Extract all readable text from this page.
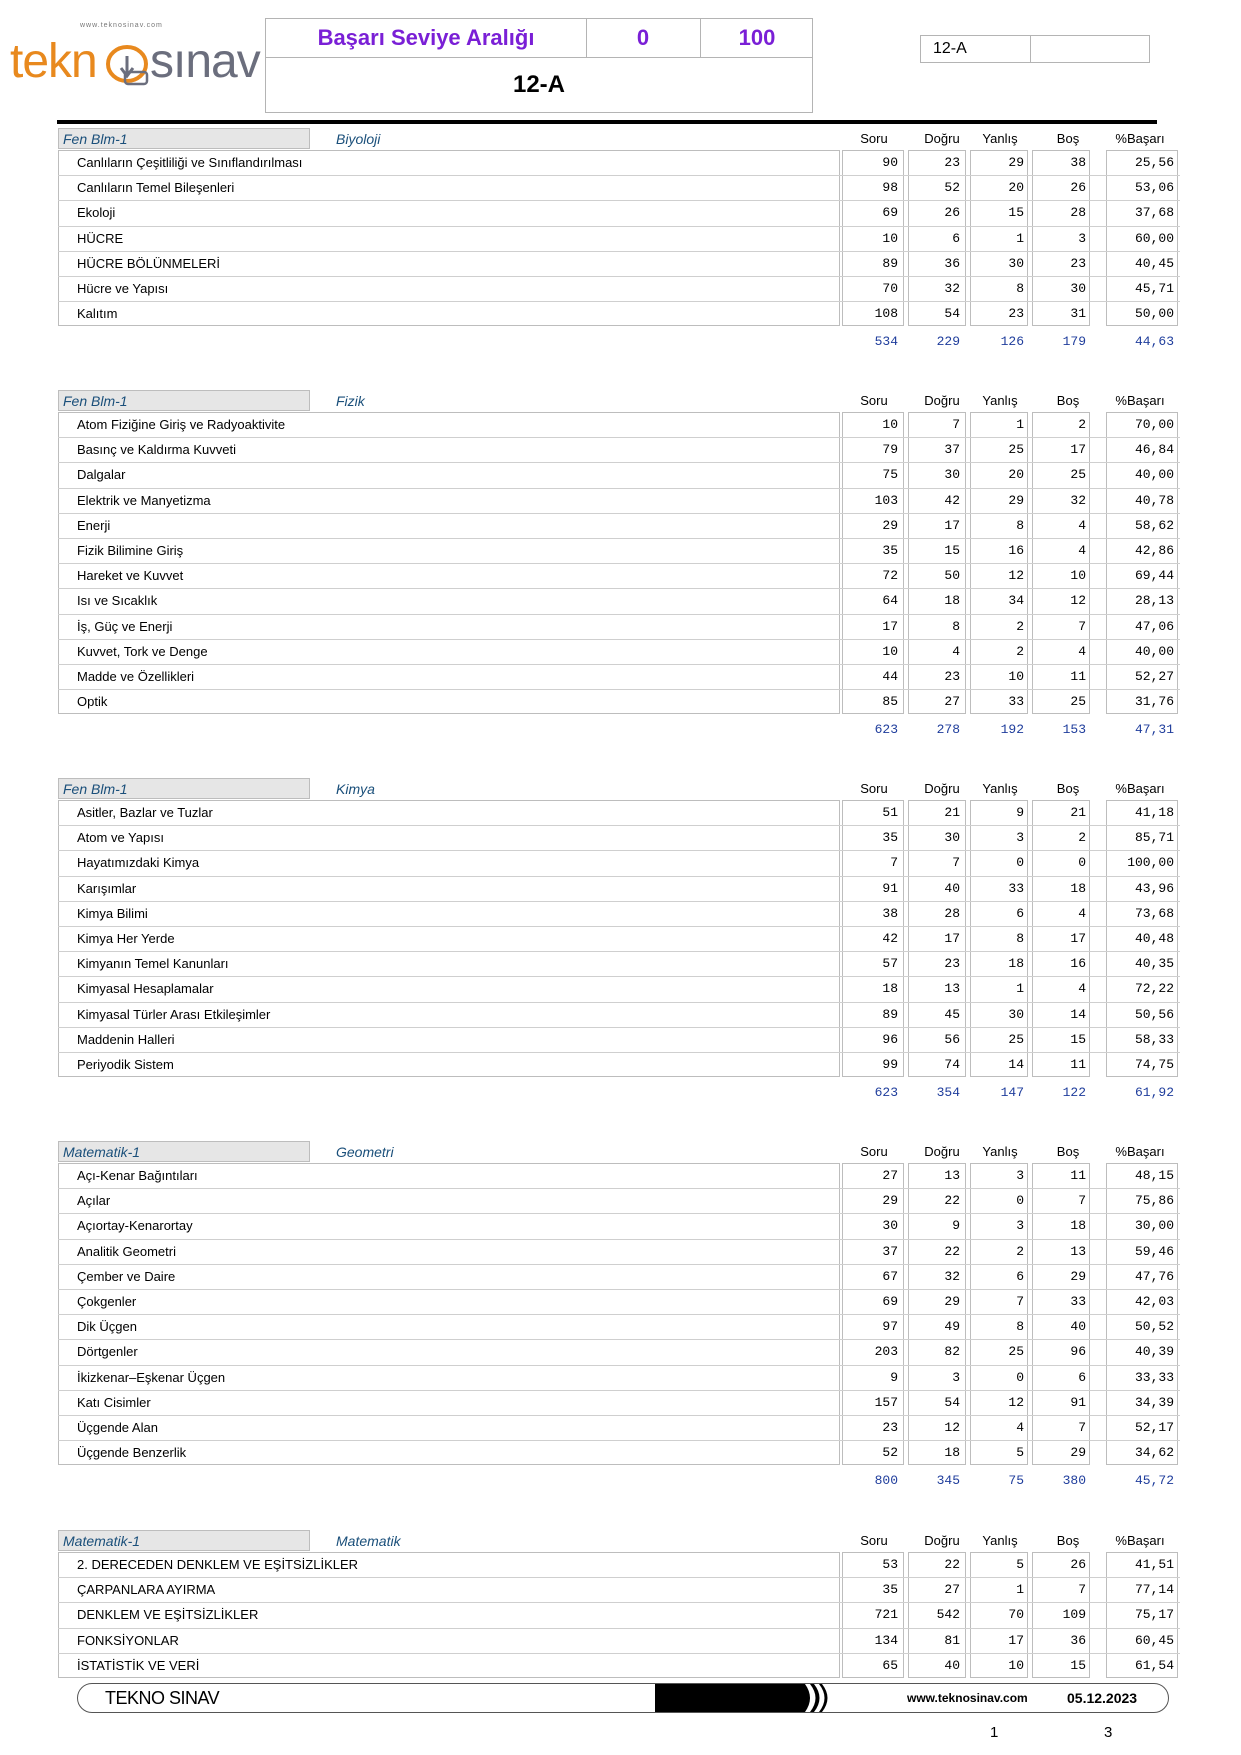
www.teknosinav.com
tekn sınav	Başarı Seviye Aralığı	0	100
12-A
12-A
Fen Blm-1	Biyoloji	Soru	Doğru	Yanlış	Boş	%Başarı
Canlıların Çeşitliliği ve Sınıflandırılması	90	23	29	38	25,56
Canlıların Temel Bileşenleri	98	52	20	26	53,06
Ekoloji	69	26	15	28	37,68
HÜCRE	10	6	1	3	60,00
HÜCRE BÖLÜNMELERİ	89	36	30	23	40,45
Hücre ve Yapısı	70	32	8	30	45,71
Kalıtım	108	54	23	31	50,00
534	229	126	179	44,63
Fen Blm-1	Fizik	Soru	Doğru	Yanlış	Boş	%Başarı
Atom Fiziğine Giriş ve Radyoaktivite	10	7	1	2	70,00
Basınç ve Kaldırma Kuvveti	79	37	25	17	46,84
Dalgalar	75	30	20	25	40,00
Elektrik ve Manyetizma	103	42	29	32	40,78
Enerji	29	17	8	4	58,62
Fizik Bilimine Giriş	35	15	16	4	42,86
Hareket ve Kuvvet	72	50	12	10	69,44
Isı ve Sıcaklık	64	18	34	12	28,13
İş, Güç ve Enerji	17	8	2	7	47,06
Kuvvet, Tork ve Denge	10	4	2	4	40,00
Madde ve Özellikleri	44	23	10	11	52,27
Optik	85	27	33	25	31,76
623	278	192	153	47,31
Fen Blm-1	Kimya	Soru	Doğru	Yanlış	Boş	%Başarı
Asitler, Bazlar ve Tuzlar	51	21	9	21	41,18
Atom ve Yapısı	35	30	3	2	85,71
Hayatımızdaki Kimya	7	7	0	0	100,00
Karışımlar	91	40	33	18	43,96
Kimya Bilimi	38	28	6	4	73,68
Kimya Her Yerde	42	17	8	17	40,48
Kimyanın Temel Kanunları	57	23	18	16	40,35
Kimyasal Hesaplamalar	18	13	1	4	72,22
Kimyasal Türler Arası Etkileşimler	89	45	30	14	50,56
Maddenin Halleri	96	56	25	15	58,33
Periyodik Sistem	99	74	14	11	74,75
623	354	147	122	61,92
Matematik-1	Geometri	Soru	Doğru	Yanlış	Boş	%Başarı
Açı-Kenar Bağıntıları	27	13	3	11	48,15
Açılar	29	22	0	7	75,86
Açıortay-Kenarortay	30	9	3	18	30,00
Analitik Geometri	37	22	2	13	59,46
Çember ve Daire	67	32	6	29	47,76
Çokgenler	69	29	7	33	42,03
Dik Üçgen	97	49	8	40	50,52
Dörtgenler	203	82	25	96	40,39
İkizkenar–Eşkenar Üçgen	9	3	0	6	33,33
Katı Cisimler	157	54	12	91	34,39
Üçgende Alan	23	12	4	7	52,17
Üçgende Benzerlik	52	18	5	29	34,62
800	345	75	380	45,72
Matematik-1	Matematik	Soru	Doğru	Yanlış	Boş	%Başarı
2. DERECEDEN DENKLEM VE EŞİTSİZLİKLER	53	22	5	26	41,51
ÇARPANLARA AYIRMA	35	27	1	7	77,14
DENKLEM VE EŞİTSİZLİKLER	721	542	70	109	75,17
FONKSİYONLAR	134	81	17	36	60,45
İSTATİSTİK VE VERİ	65	40	10	15	61,54
TEKNO SINAV	www.teknosinav.com	05.12.2023
1	3
